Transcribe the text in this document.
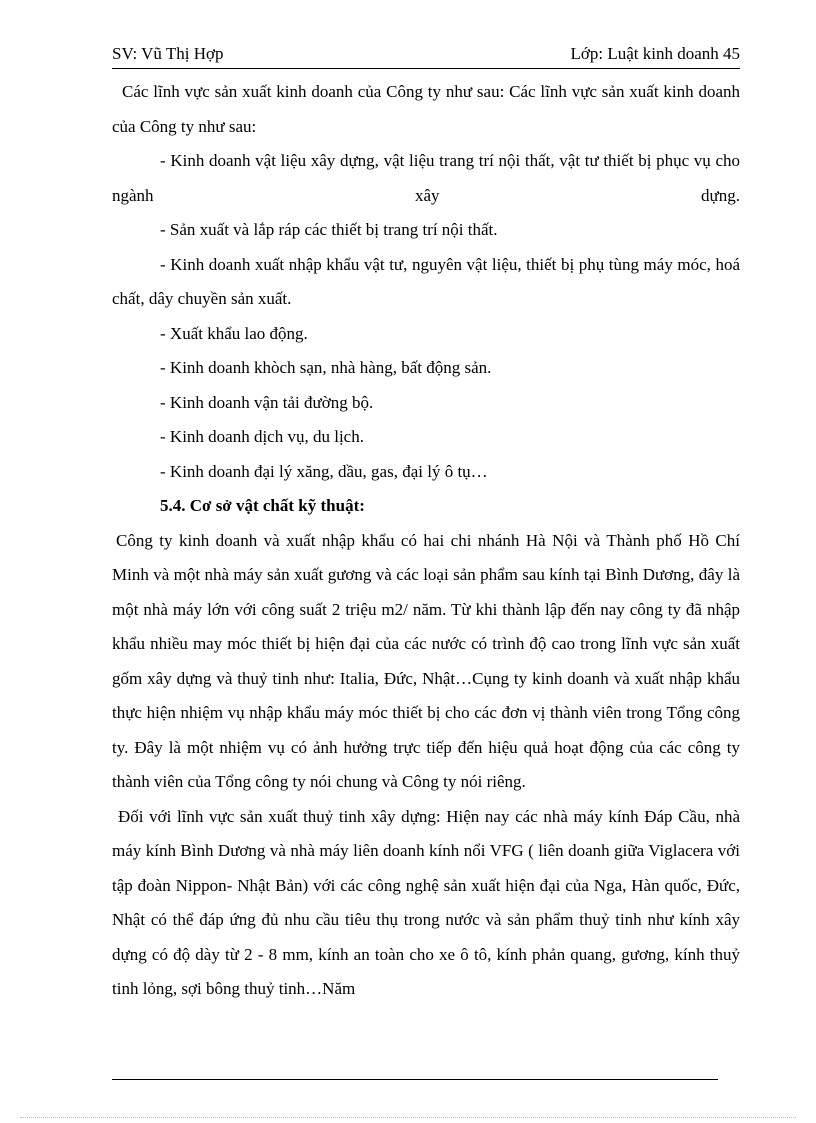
SV: Vũ Thị Hợp	Lớp: Luật kinh doanh 45

Các lĩnh vực sản xuất kinh doanh của Công ty như sau: Các lĩnh vực sản xuất kinh doanh của Công ty như sau:

- Kinh doanh vật liệu xây dựng, vật liệu trang trí nội thất, vật tư thiết bị phục vụ cho ngành xây dựng.

- Sản xuất và lắp ráp các thiết bị trang trí nội thất.

- Kinh doanh xuất nhập khẩu vật tư, nguyên vật liệu, thiết bị phụ tùng máy móc, hoá chất, dây chuyền sản xuất.

- Xuất khẩu lao động.

- Kinh doanh khòch sạn, nhà hàng, bất động sản.

- Kinh doanh vận tải đường bộ.

- Kinh doanh dịch vụ, du lịch.

- Kinh doanh đại lý xăng, dầu, gas, đại lý ô tụ…

5.4. Cơ sở vật chất kỹ thuật:

Công ty kinh doanh và xuất nhập khẩu có hai chi nhánh Hà Nội và Thành phố Hồ Chí Minh và một nhà máy sản xuất gương và các loại sản phẩm sau kính tại Bình Dương, đây là một nhà máy lớn với công suất 2 triệu m2/ năm. Từ khi thành lập đến nay công ty đã nhập khẩu nhiều may móc thiết bị hiện đại của các nước có trình độ cao trong lĩnh vực sản xuất gốm xây dựng và thuỷ tinh như: Italia, Đức, Nhật…Cụng ty kinh doanh và xuất nhập khẩu thực hiện nhiệm vụ nhập khẩu máy móc thiết bị cho các đơn vị thành viên trong Tổng công ty. Đây là một nhiệm vụ có ảnh hưởng trực tiếp đến hiệu quả hoạt động của các công ty thành viên của Tổng công ty nói chung và Công ty nói riêng.

Đối với lĩnh vực sản xuất thuỷ tinh xây dựng: Hiện nay các nhà máy kính Đáp Cầu, nhà máy kính Bình Dương và nhà máy liên doanh kính nổi VFG ( liên doanh giữa Viglacera với tập đoàn Nippon- Nhật Bản) với các công nghệ sản xuất hiện đại của Nga, Hàn quốc, Đức, Nhật có thể đáp ứng đủ nhu cầu tiêu thụ trong nước và sản phẩm thuỷ tinh như kính xây dựng có độ dày từ 2 - 8 mm, kính an toàn cho xe ô tô, kính phản quang, gương, kính thuỷ tinh lỏng, sợi bông thuỷ tinh…Năm
